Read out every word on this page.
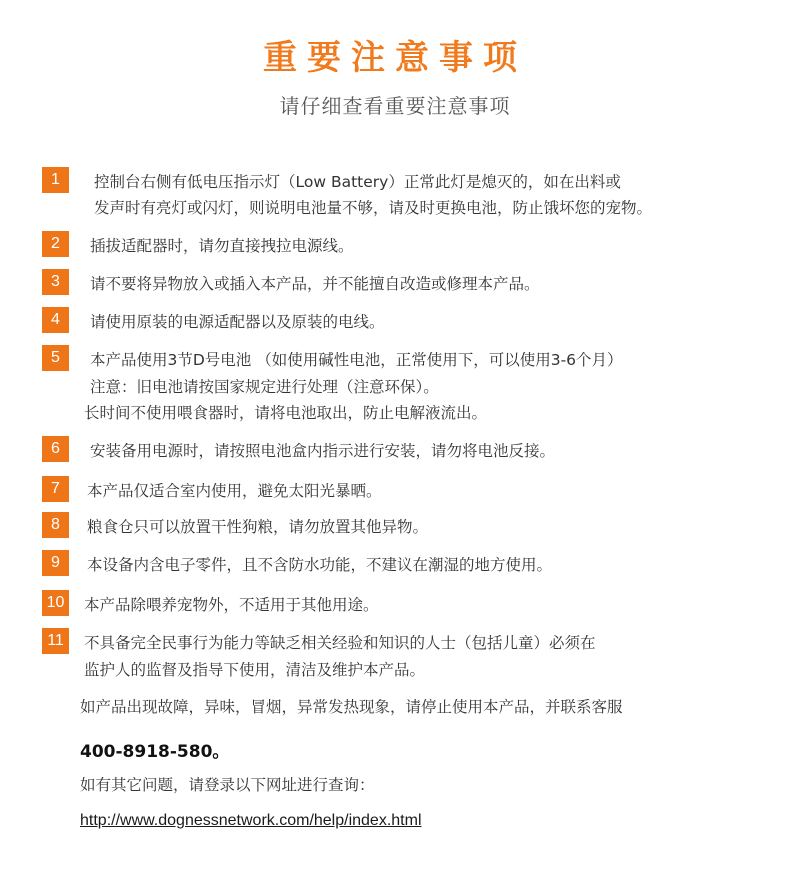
重要注意事项
请仔细查看重要注意事项
1	控制台右侧有低电压指示灯（Low Battery）正常此灯是熄灭的，如在出料或
发声时有亮灯或闪灯，则说明电池量不够，请及时更换电池，防止饿坏您的宠物。
2	插拔适配器时，请勿直接拽拉电源线。
3	请不要将异物放入或插入本产品，并不能擅自改造或修理本产品。
4	请使用原装的电源适配器以及原装的电线。
5	本产品使用3节D号电池 （如使用碱性电池，正常使用下，可以使用3-6个月）
注意：旧电池请按国家规定进行处理（注意环保）。
长时间不使用喂食器时，请将电池取出，防止电解液流出。
6	安装备用电源时，请按照电池盒内指示进行安装，请勿将电池反接。
7	本产品仅适合室内使用，避免太阳光暴晒。
8	粮食仓只可以放置干性狗粮，请勿放置其他异物。
9	本设备内含电子零件，且不含防水功能，不建议在潮湿的地方使用。
10 本产品除喂养宠物外，不适用于其他用途。
11	不具备完全民事行为能力等缺乏相关经验和知识的人士（包括儿童）必须在
监护人的监督及指导下使用，清洁及维护本产品。
如产品出现故障，异味，冒烟，异常发热现象，请停止使用本产品，并联系客服
400-8918-580。
如有其它问题，请登录以下网址进行查询：
http://www.dognessnetwork.com/help/index.html
